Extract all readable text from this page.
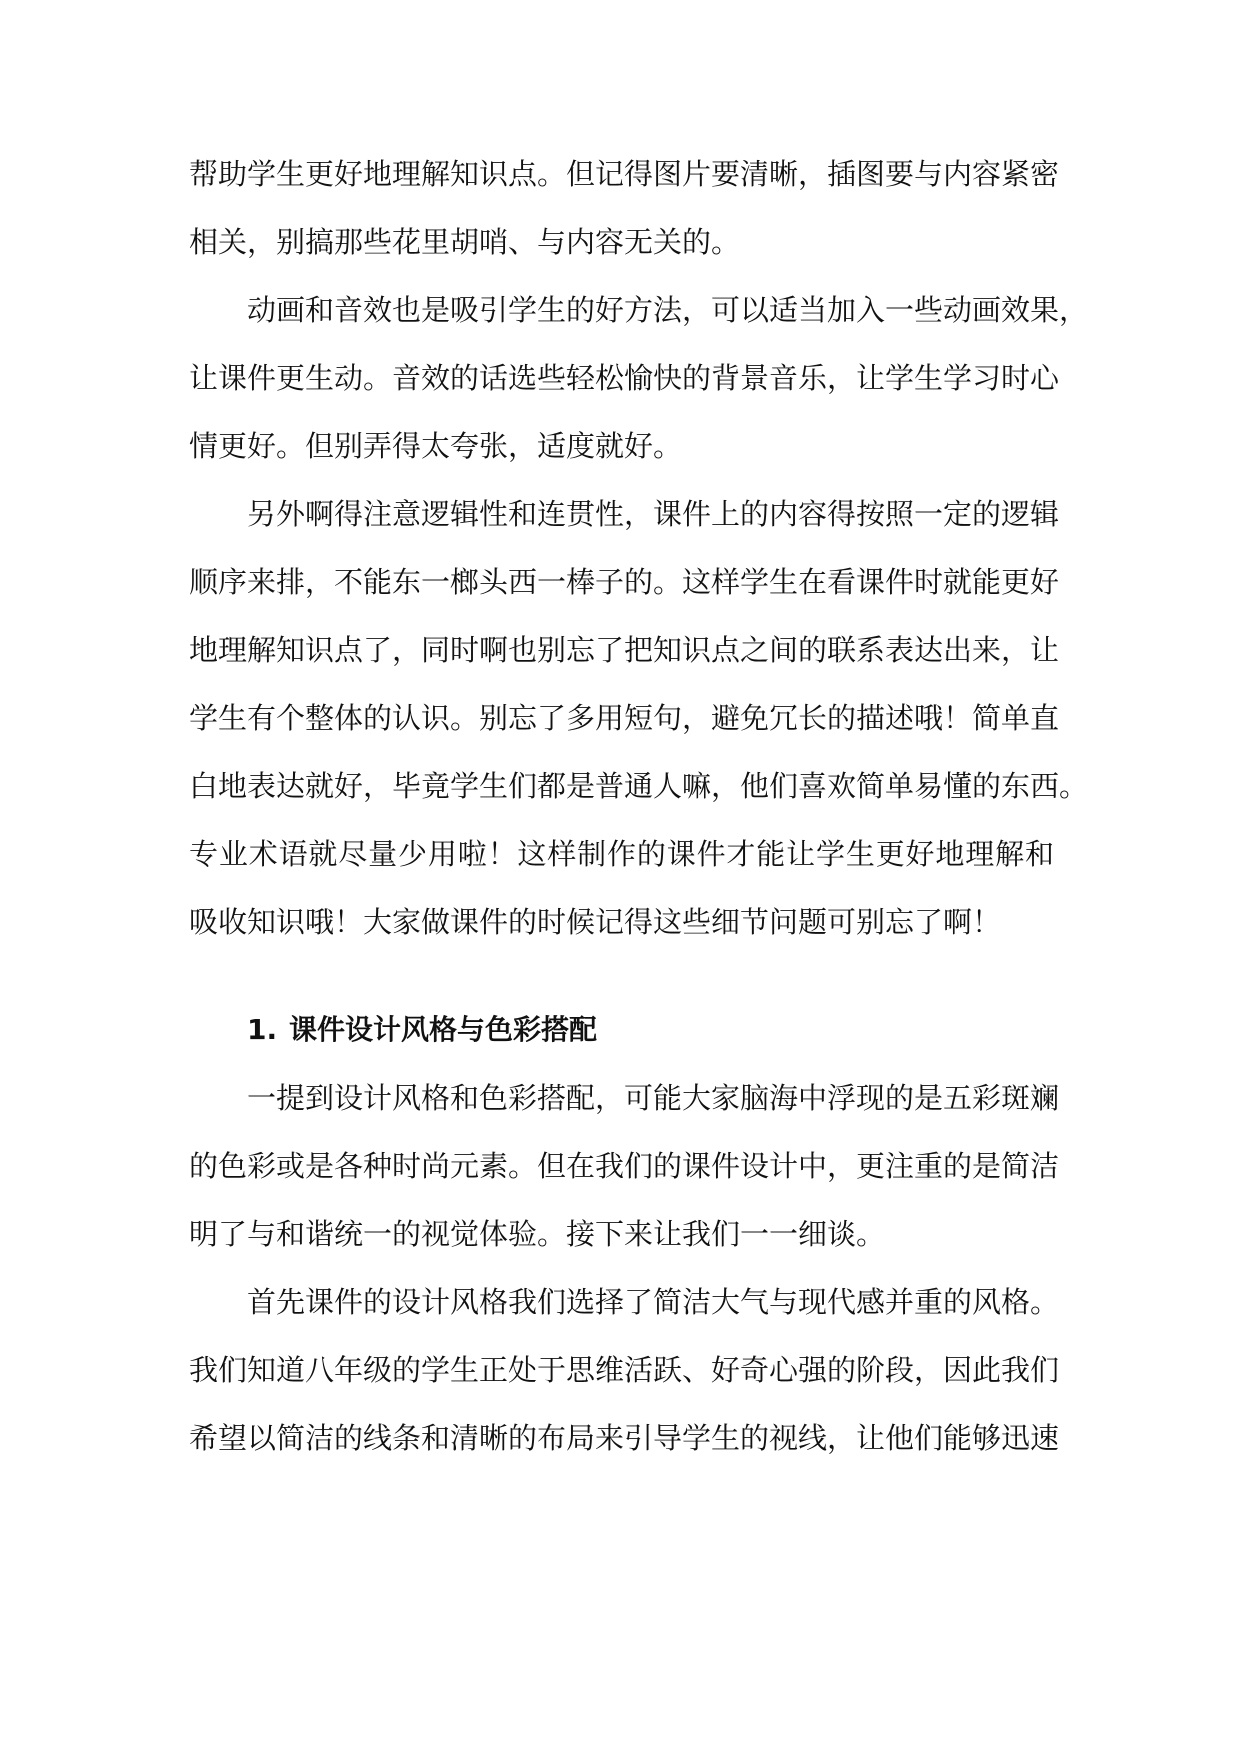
帮助学生更好地理解知识点。但记得图片要清晰，插图要与内容紧密
相关，别搞那些花里胡哨、与内容无关的。
动画和音效也是吸引学生的好方法，可以适当加入一些动画效果，
让课件更生动。音效的话选些轻松愉快的背景音乐，让学生学习时心
情更好。但别弄得太夸张，适度就好。
另外啊得注意逻辑性和连贯性，课件上的内容得按照一定的逻辑
顺序来排，不能东一榔头西一棒子的。这样学生在看课件时就能更好
地理解知识点了，同时啊也别忘了把知识点之间的联系表达出来，让
学生有个整体的认识。别忘了多用短句，避免冗长的描述哦！简单直
白地表达就好，毕竟学生们都是普通人嘛，他们喜欢简单易懂的东西。
专业术语就尽量少用啦！这样制作的课件才能让学生更好地理解和
吸收知识哦！大家做课件的时候记得这些细节问题可别忘了啊！
1. 课件设计风格与色彩搭配
一提到设计风格和色彩搭配，可能大家脑海中浮现的是五彩斑斓
的色彩或是各种时尚元素。但在我们的课件设计中，更注重的是简洁
明了与和谐统一的视觉体验。接下来让我们一一细谈。
首先课件的设计风格我们选择了简洁大气与现代感并重的风格。
我们知道八年级的学生正处于思维活跃、好奇心强的阶段，因此我们
希望以简洁的线条和清晰的布局来引导学生的视线，让他们能够迅速
